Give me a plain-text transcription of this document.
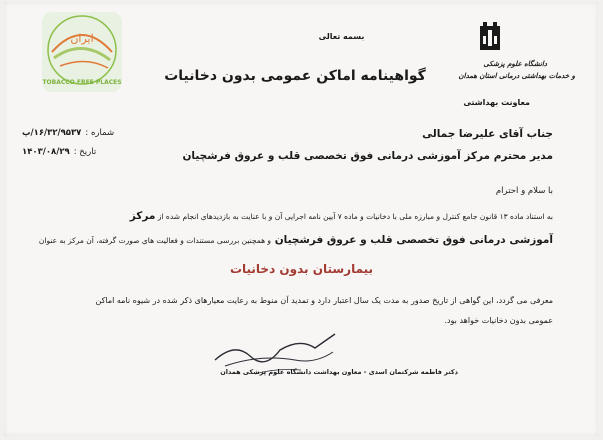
دانشگاه علوم پزشکی
و خدمات بهداشتی درمانی استان همدان
معاونت بهداشتی
ایران
TOBACCO FREE PLACES
بسمه تعالی
گواهینامه اماکن عمومی بدون دخانیات
شماره :۱۶/۳۲/۹۵۳۷/پ
تاریخ :۱۴۰۳/۰۸/۲۹
جناب آقای علیرضا جمالی
مدیر محترم مرکز آموزشی درمانی فوق تخصصی قلب و عروق فرشچیان
با سلام و احترام
به استناد ماده ۱۳ قانون جامع کنترل و مبارزه ملی با دخانیات و ماده ۷ آیین نامه اجرایی آن و با عنایت به بازدیدهای انجام شده از مرکز
آموزشی درمانی فوق تخصصی قلب و عروق فرشچیان و همچنین بررسی مستندات و فعالیت های صورت گرفته، آن مرکز به عنوان
بیمارستان بدون دخانیات
معرفی می گردد، این گواهی از تاریخ صدور به مدت یک سال اعتبار دارد و تمدید آن منوط به رعایت معیارهای ذکر شده در شیوه نامه اماکن
عمومی بدون دخانیات خواهد بود.
دکتر فاطمه شرکتمان اسدی - معاون بهداشت دانشگاه علوم پزشکی همدان
